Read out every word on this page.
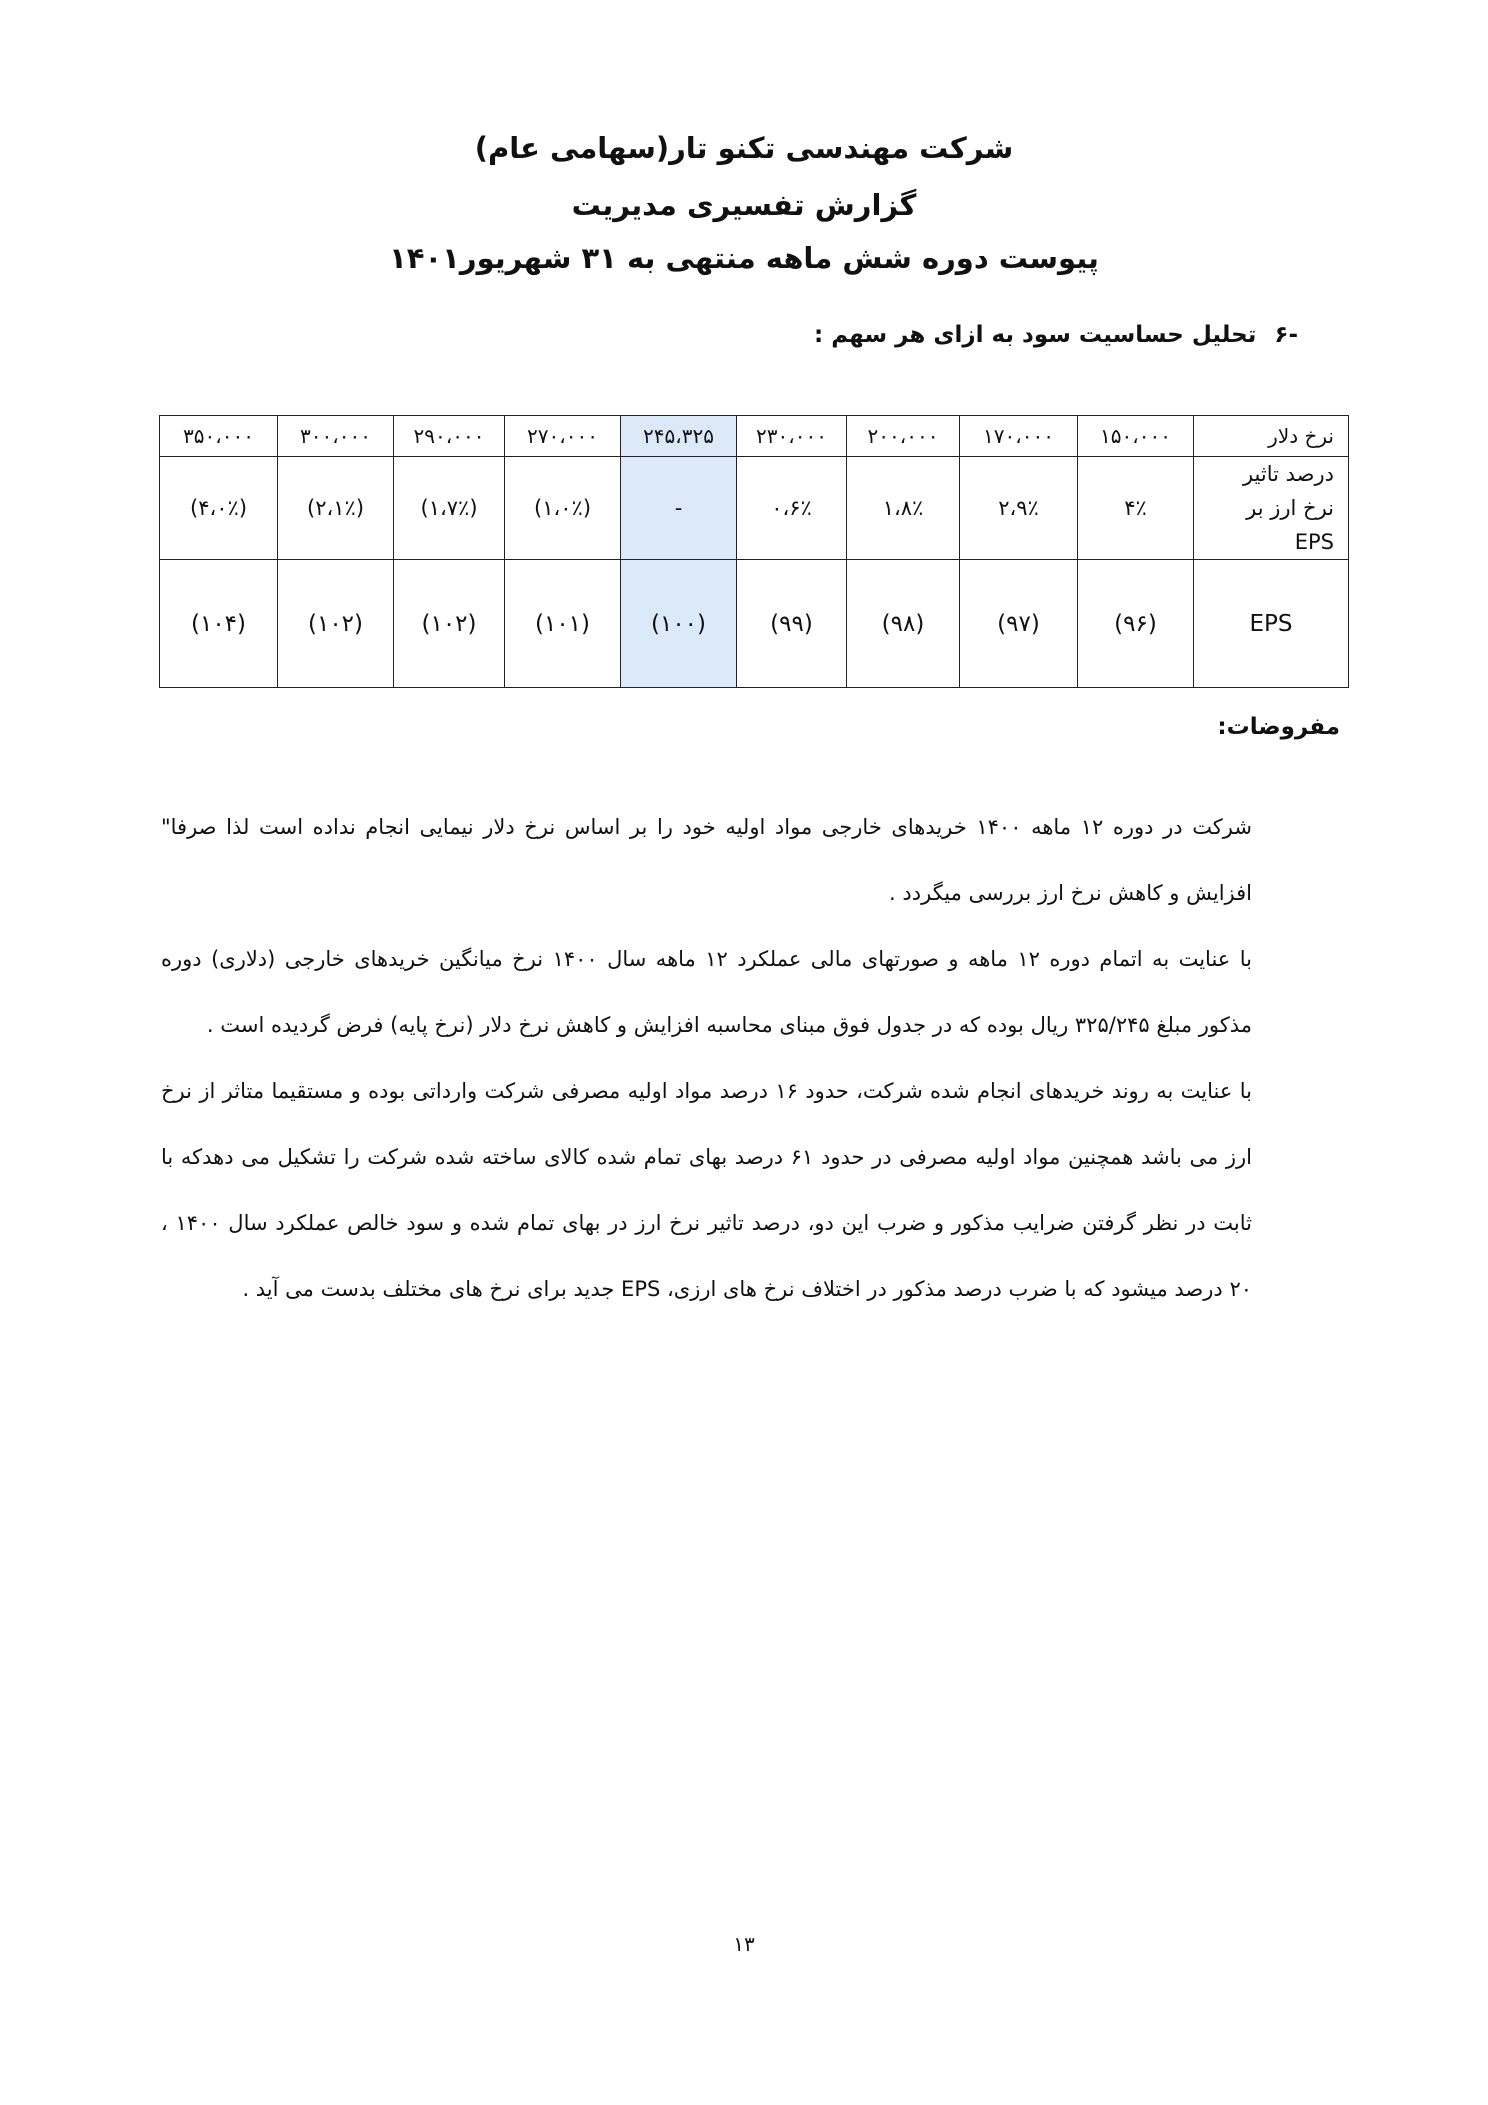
شرکت مهندسی تکنو تار(سهامی عام)
گزارش تفسیری مدیریت
پیوست دوره شش ماهه منتهی به ۳۱ شهریور۱۴۰۱
-۶تحلیل حساسیت سود به ازای هر سهم :
نرخ دلار	۱۵۰،۰۰۰	۱۷۰،۰۰۰	۲۰۰،۰۰۰	۲۳۰،۰۰۰	۲۴۵،۳۲۵	۲۷۰،۰۰۰	۲۹۰،۰۰۰	۳۰۰،۰۰۰	۳۵۰،۰۰۰
درصد تاثیر نرخ ارز بر EPS	۴٪	۲،۹٪	۱،۸٪	۰،۶٪	-	(۱،۰٪)	(۱،۷٪)	(۲،۱٪)	(۴،۰٪)
EPS	(۹۶)	(۹۷)	(۹۸)	(۹۹)	(۱۰۰)	(۱۰۱)	(۱۰۲)	(۱۰۲)	(۱۰۴)
مفروضات:

شرکت در دوره ۱۲ ماهه ۱۴۰۰ خریدهای خارجی مواد اولیه خود را بر اساس نرخ دلار نیمایی انجام نداده است لذا صرفا" افزایش و کاهش نرخ ارز بررسی میگردد .

با عنایت به اتمام دوره ۱۲ ماهه و صورتهای مالی عملکرد ۱۲ ماهه سال ۱۴۰۰ نرخ میانگین خریدهای خارجی (دلاری) دوره مذکور مبلغ ۳۲۵/۲۴۵ ریال بوده که در جدول فوق مبنای محاسبه افزایش و کاهش نرخ دلار (نرخ پایه) فرض گردیده است .

با عنایت به روند خریدهای انجام شده شرکت، حدود ۱۶ درصد مواد اولیه مصرفی شرکت وارداتی بوده و مستقیما متاثر از نرخ ارز می باشد همچنین مواد اولیه مصرفی در حدود ۶۱ درصد بهای تمام شده کالای ساخته شده شرکت را تشکیل می دهدکه با ثابت در نظر گرفتن ضرایب مذکور و ضرب این دو، درصد تاثیر نرخ ارز در بهای تمام شده و سود خالص عملکرد سال ۱۴۰۰ ، ۲۰ درصد میشود که با ضرب درصد مذکور در اختلاف نرخ های ارزی، EPS جدید برای نرخ های مختلف بدست می آید .

۱۳
